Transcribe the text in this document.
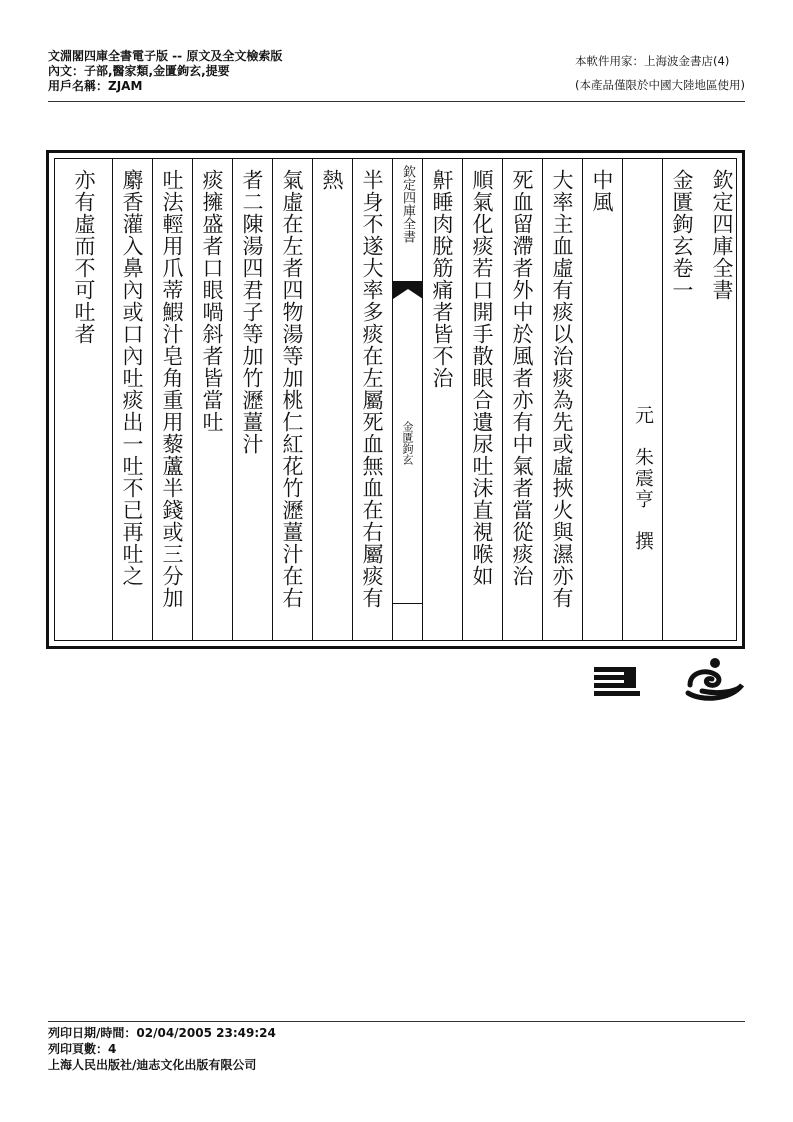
文淵閣四庫全書電子版 -- 原文及全文檢索版
內文：子部,醫家類,金匱鉤玄,提要
用戶名稱：ZJAM
本軟件用家：上海波金書店(4)
(本產品僅限於中國大陸地區使用)
欽定四庫全書
金匱鉤玄卷一
元　朱震亨　撰
中風
大率主血虛有痰以治痰為先或虛挾火與濕亦有
死血留滯者外中於風者亦有中氣者當從痰治
順氣化痰若口開手散眼合遺尿吐沫直視喉如
鼾睡肉脫筋痛者皆不治
欽定四庫全書
金匱鉤玄
半身不遂大率多痰在左屬死血無血在右屬痰有
熱
氣虛在左者四物湯等加桃仁紅花竹瀝薑汁在右
者二陳湯四君子等加竹瀝薑汁
痰擁盛者口眼喎斜者皆當吐
吐法輕用爪蒂鰕汁皂角重用藜蘆半錢或三分加
麝香灌入鼻內或口內吐痰出一吐不已再吐之
亦有虛而不可吐者
列印日期/時間：02/04/2005 23:49:24
列印頁數：4
上海人民出版社/迪志文化出版有限公司
